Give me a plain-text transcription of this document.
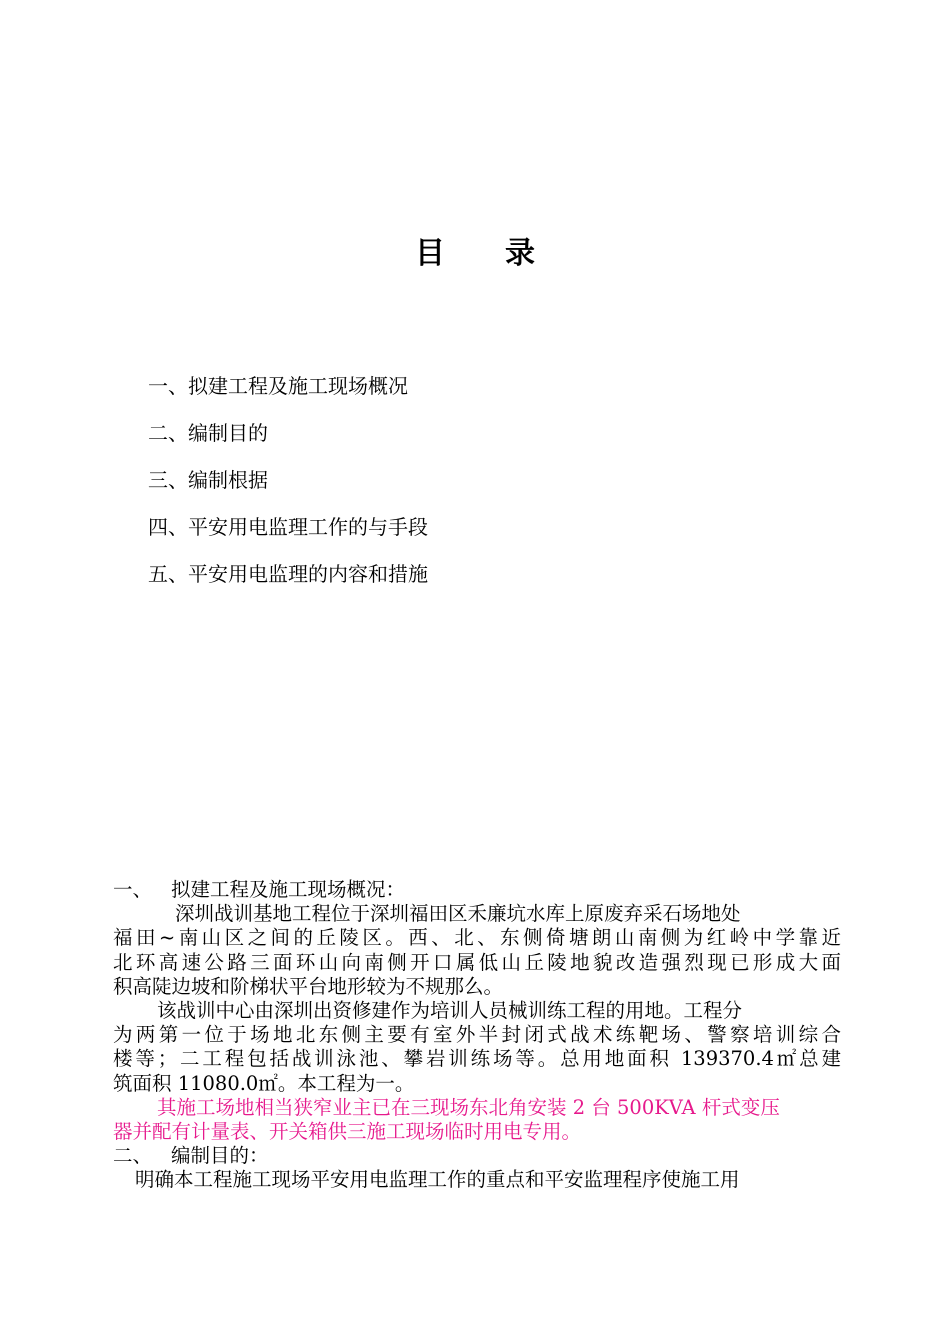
目 录
一、拟建工程及施工现场概况
二、编制目的
三、编制根据
四、平安用电监理工作的与手段
五、平安用电监理的内容和措施
一、 拟建工程及施工现场概况：
深圳战训基地工程位于深圳福田区禾廉坑水库上原废弃采石场地处
福田~南山区之间的丘陵区。西、北、东侧倚塘朗山南侧为红岭中学靠近
北环高速公路三面环山向南侧开口属低山丘陵地貌改造强烈现已形成大面
积高陡边坡和阶梯状平台地形较为不规那么。
该战训中心由深圳出资修建作为培训人员械训练工程的用地。工程分
为两第一位于场地北东侧主要有室外半封闭式战术练靶场、警察培训综合
楼等；二工程包括战训泳池、攀岩训练场等。总用地面积 139370.4㎡总建
筑面积 11080.0㎡。本工程为一。
其施工场地相当狭窄业主已在三现场东北角安装 2 台 500KVA 杆式变压
器并配有计量表、开关箱供三施工现场临时用电专用。
二、 编制目的：
明确本工程施工现场平安用电监理工作的重点和平安监理程序使施工用
